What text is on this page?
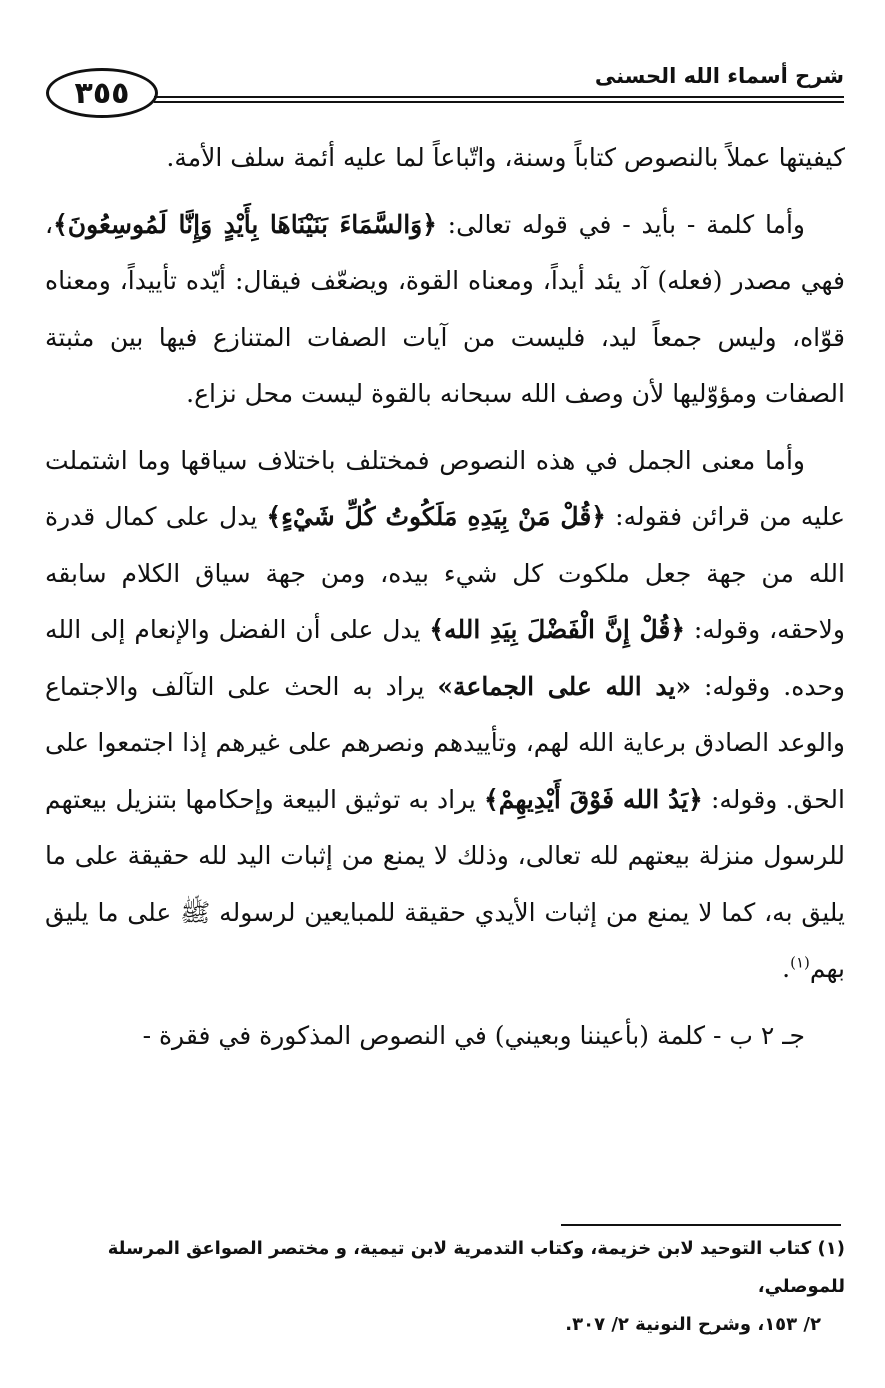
٣٥٥	شرح أسماء الله الحسنى

كيفيتها عملاً بالنصوص كتاباً وسنة، واتّباعاً لما عليه أئمة سلف الأمة.

وأما كلمة - بأيد - في قوله تعالى: ﴿وَالسَّمَاءَ بَنَيْنَاهَا بِأَيْدٍ وَإِنَّا لَمُوسِعُونَ﴾، فهي مصدر (فعله) آد يئد أيداً، ومعناه القوة، ويضعّف فيقال: أيّده تأييداً، ومعناه قوّاه، وليس جمعاً ليد، فليست من آيات الصفات المتنازع فيها بين مثبتة الصفات ومؤوّليها لأن وصف الله سبحانه بالقوة ليست محل نزاع.

وأما معنى الجمل في هذه النصوص فمختلف باختلاف سياقها وما اشتملت عليه من قرائن فقوله: ﴿قُلْ مَنْ بِيَدِهِ مَلَكُوتُ كُلِّ شَيْءٍ﴾ يدل على كمال قدرة الله من جهة جعل ملكوت كل شيء بيده، ومن جهة سياق الكلام سابقه ولاحقه، وقوله: ﴿قُلْ إِنَّ الْفَضْلَ بِيَدِ الله﴾ يدل على أن الفضل والإنعام إلى الله وحده. وقوله: «يد الله على الجماعة» يراد به الحث على التآلف والاجتماع والوعد الصادق برعاية الله لهم، وتأييدهم ونصرهم على غيرهم إذا اجتمعوا على الحق. وقوله: ﴿يَدُ الله فَوْقَ أَيْدِيهِمْ﴾ يراد به توثيق البيعة وإحكامها بتنزيل بيعتهم للرسول منزلة بيعتهم لله تعالى، وذلك لا يمنع من إثبات اليد لله حقيقة على ما يليق به، كما لا يمنع من إثبات الأيدي حقيقة للمبايعين لرسوله ﷺ على ما يليق بهم$^{(١)}$.

جـ ٢ ب - كلمة (بأعيننا وبعيني) في النصوص المذكورة في فقرة -

(١) كتاب التوحيد لابن خزيمة، وكتاب التدمرية لابن تيمية، و مختصر الصواعق المرسلة للموصلي،

٢/ ١٥٣، وشرح النونية ٢/ ٣٠٧.
